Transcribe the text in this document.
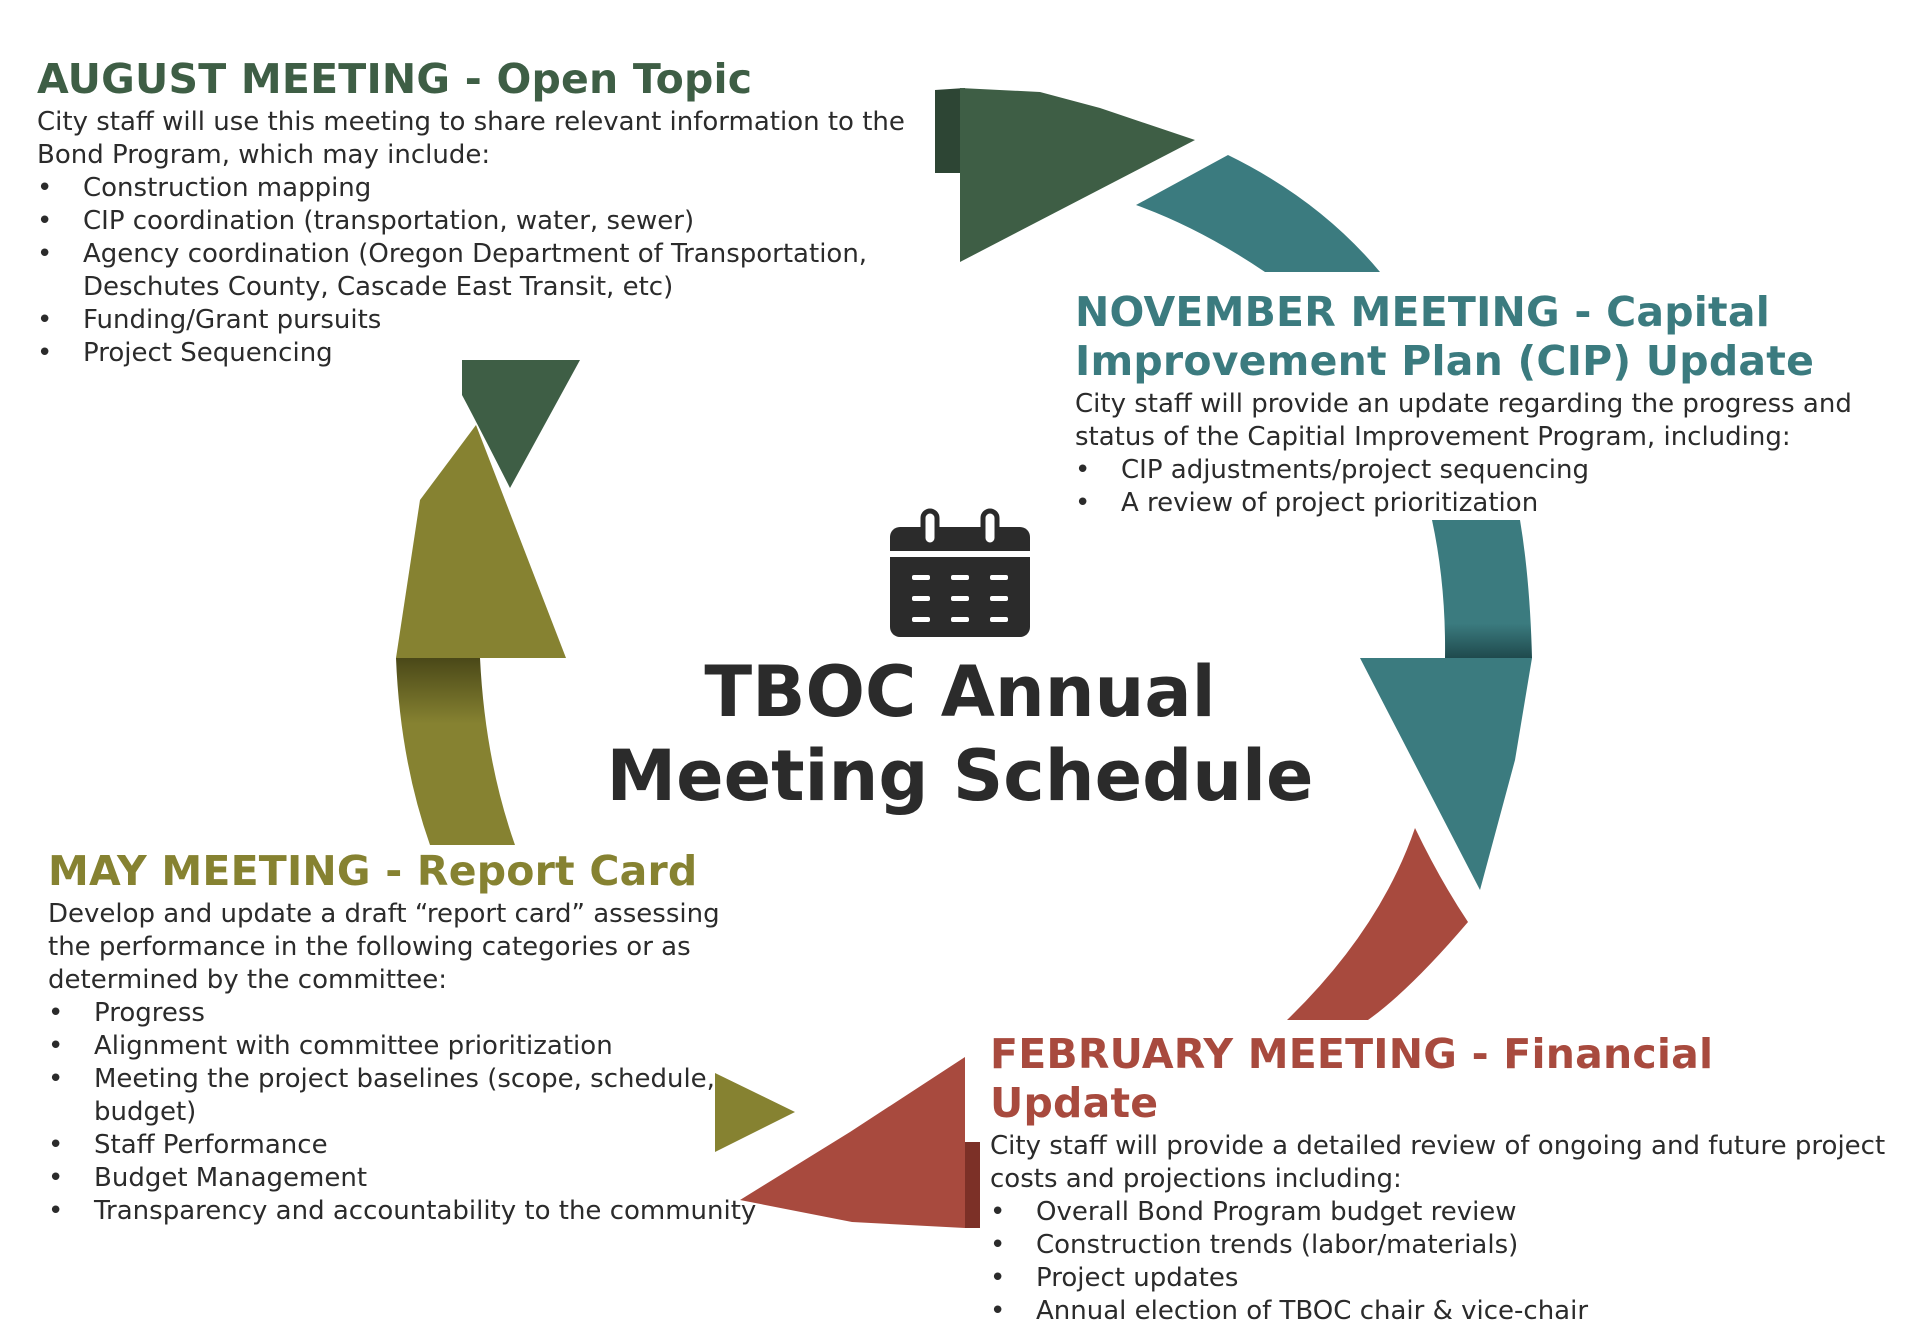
TBOC Annual
Meeting Schedule
AUGUST MEETING - Open Topic

City staff will use this meeting to share relevant information to the Bond Program, which may include:

• Construction mapping
• CIP coordination (transportation, water, sewer)
• Agency coordination (Oregon Department of Transportation, Deschutes County, Cascade East Transit, etc)
• Funding/Grant pursuits
• Project Sequencing
NOVEMBER MEETING - Capital Improvement Plan (CIP) Update

City staff will provide an update regarding the progress and status of the Capitial Improvement Program, including:

• CIP adjustments/project sequencing
• A review of project prioritization
MAY MEETING - Report Card

Develop and update a draft “report card” assessing the performance in the following categories or as determined by the committee:

• Progress
• Alignment with committee prioritization
• Meeting the project baselines (scope, schedule, budget)
• Staff Performance
• Budget Management
• Transparency and accountability to the community
FEBRUARY MEETING - Financial Update

City staff will provide a detailed review of ongoing and future project costs and projections including:

• Overall Bond Program budget review
• Construction trends (labor/materials)
• Project updates
• Annual election of TBOC chair & vice-chair
